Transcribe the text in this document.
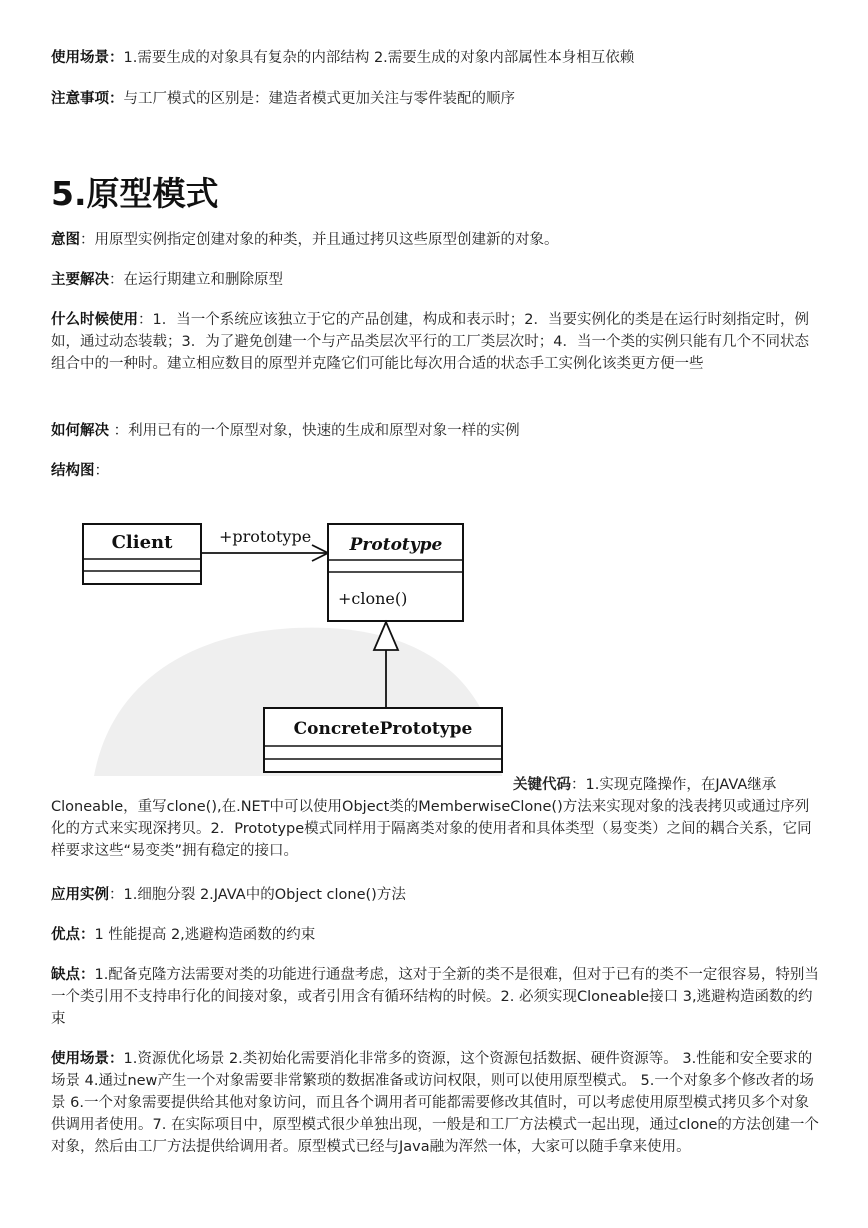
使用场景：1.需要生成的对象具有复杂的内部结构 2.需要生成的对象内部属性本身相互依赖

注意事项：与工厂模式的区别是：建造者模式更加关注与零件装配的顺序

5.原型模式

意图：用原型实例指定创建对象的种类，并且通过拷贝这些原型创建新的对象。

主要解决：在运行期建立和删除原型

什么时候使用：1．当一个系统应该独立于它的产品创建，构成和表示时；2．当要实例化的类是在运行时刻指定时，例如，通过动态装载；3．为了避免创建一个与产品类层次平行的工厂类层次时；4．当一个类的实例只能有几个不同状态组合中的一种时。建立相应数目的原型并克隆它们可能比每次用合适的状态手工实例化该类更方便一些

如何解决 ：利用已有的一个原型对象，快速的生成和原型对象一样的实例

结构图：

Client	+prototype Prototype
+clone()
ConcretePrototype
关键代码：1.实现克隆操作，在JAVA继承

Cloneable，重写clone(),在.NET中可以使用Object类的MemberwiseClone()方法来实现对象的浅表拷贝或通过序列化的方式来实现深拷贝。2．Prototype模式同样用于隔离类对象的使用者和具体类型（易变类）之间的耦合关系，它同样要求这些“易变类”拥有稳定的接口。

应用实例：1.细胞分裂 2.JAVA中的Object clone()方法

优点：1 性能提高 2,逃避构造函数的约束

缺点：1.配备克隆方法需要对类的功能进行通盘考虑，这对于全新的类不是很难，但对于已有的类不一定很容易，特别当一个类引用不支持串行化的间接对象，或者引用含有循环结构的时候。2. 必须实现Cloneable接口 3,逃避构造函数的约束

使用场景：1.资源优化场景 2.类初始化需要消化非常多的资源，这个资源包括数据、硬件资源等。 3.性能和安全要求的场景 4.通过new产生一个对象需要非常繁琐的数据准备或访问权限，则可以使用原型模式。 5.一个对象多个修改者的场景 6.一个对象需要提供给其他对象访问，而且各个调用者可能都需要修改其值时，可以考虑使用原型模式拷贝多个对象供调用者使用。7. 在实际项目中，原型模式很少单独出现，一般是和工厂方法模式一起出现，通过clone的方法创建一个对象，然后由工厂方法提供给调用者。原型模式已经与Java融为浑然一体，大家可以随手拿来使用。
